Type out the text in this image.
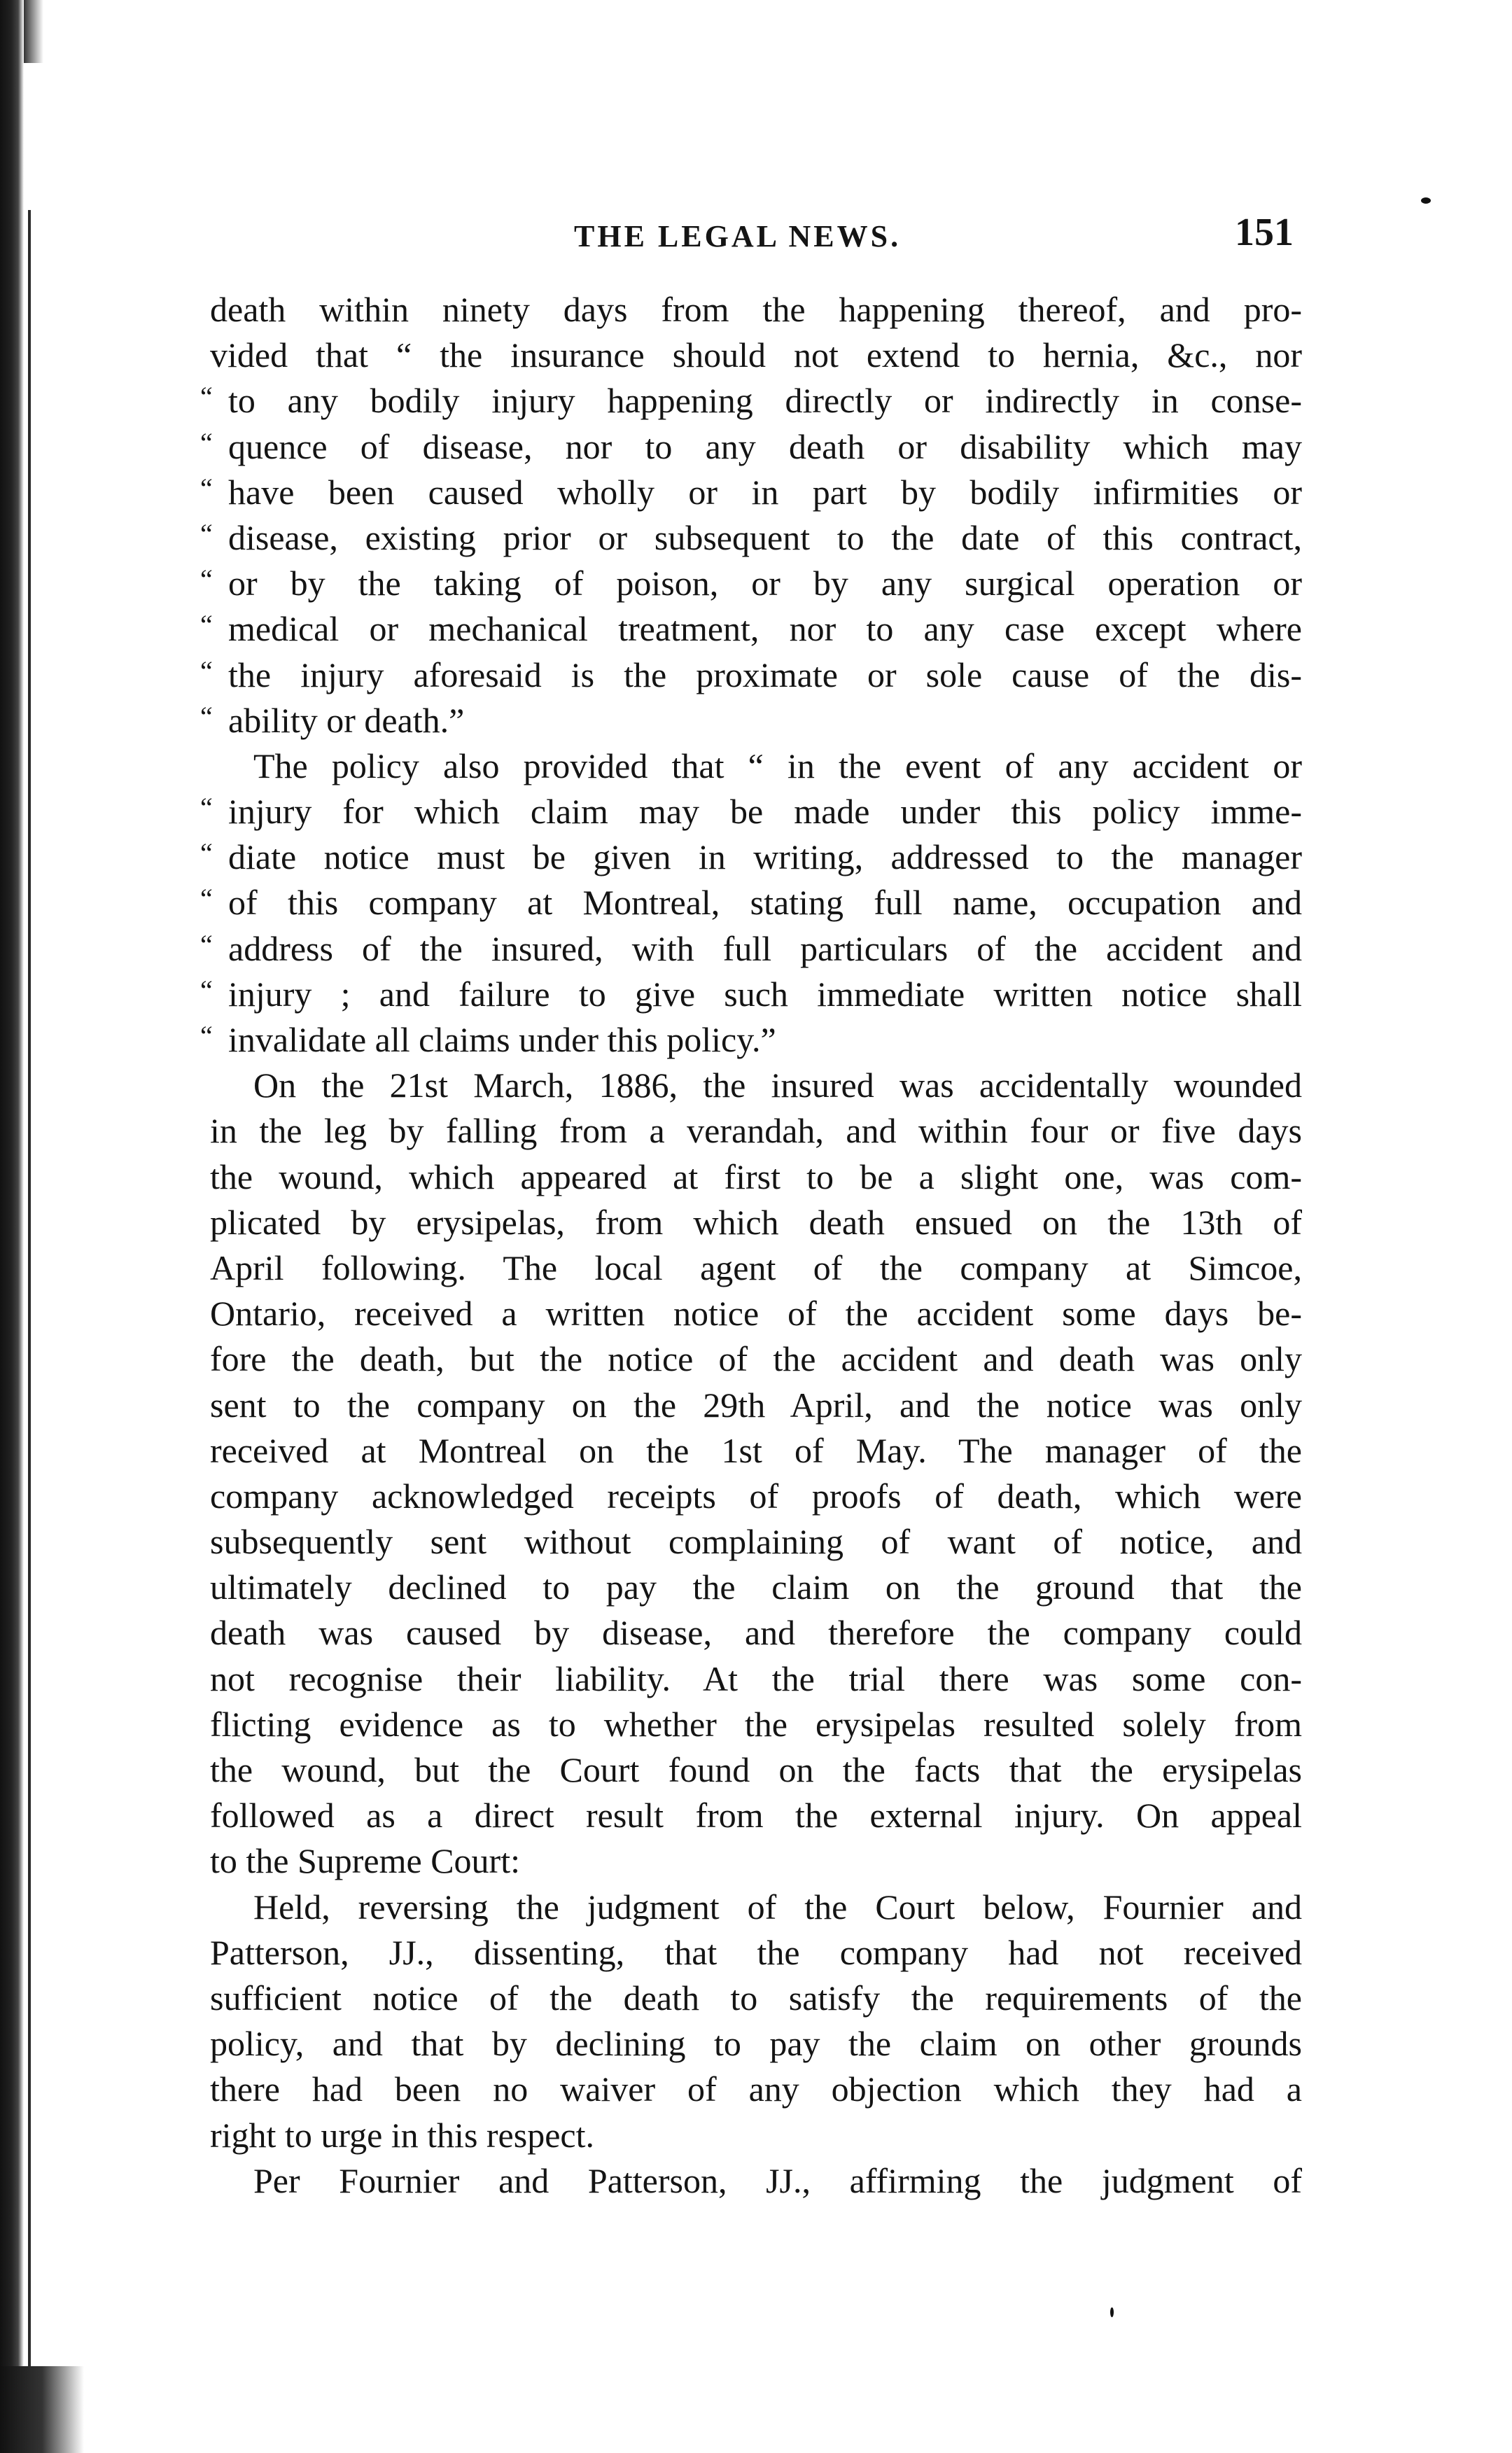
THE LEGAL NEWS.	151
death within ninety days from the happening thereof, and pro-
vided that “ the insurance should not extend to hernia, &c., nor
“ to any bodily injury happening directly or indirectly in conse-
“ quence of disease, nor to any death or disability which may
“ have been caused wholly or in part by bodily infirmities or
“ disease, existing prior or subsequent to the date of this contract,
“ or by the taking of poison, or by any surgical operation or
“ medical or mechanical treatment, nor to any case except where
“ the injury aforesaid is the proximate or sole cause of the dis-
“ ability or death.”
The policy also provided that “ in the event of any accident or
“ injury for which claim may be made under this policy imme-
“ diate notice must be given in writing, addressed to the manager
“ of this company at Montreal, stating full name, occupation and
“ address of the insured, with full particulars of the accident and
“ injury ; and failure to give such immediate written notice shall
“ invalidate all claims under this policy.”
On the 21st March, 1886, the insured was accidentally wounded
in the leg by falling from a verandah, and within four or five days
the wound, which appeared at first to be a slight one, was com-
plicated by erysipelas, from which death ensued on the 13th of
April following. The local agent of the company at Simcoe,
Ontario, received a written notice of the accident some days be-
fore the death, but the notice of the accident and death was only
sent to the company on the 29th April, and the notice was only
received at Montreal on the 1st of May. The manager of the
company acknowledged receipts of proofs of death, which were
subsequently sent without complaining of want of notice, and
ultimately declined to pay the claim on the ground that the
death was caused by disease, and therefore the company could
not recognise their liability. At the trial there was some con-
flicting evidence as to whether the erysipelas resulted solely from
the wound, but the Court found on the facts that the erysipelas
followed as a direct result from the external injury. On appeal
to the Supreme Court:
Held, reversing the judgment of the Court below, Fournier and
Patterson, JJ., dissenting, that the company had not received
sufficient notice of the death to satisfy the requirements of the
policy, and that by declining to pay the claim on other grounds
there had been no waiver of any objection which they had a
right to urge in this respect.
Per Fournier and Patterson, JJ., affirming the judgment of
